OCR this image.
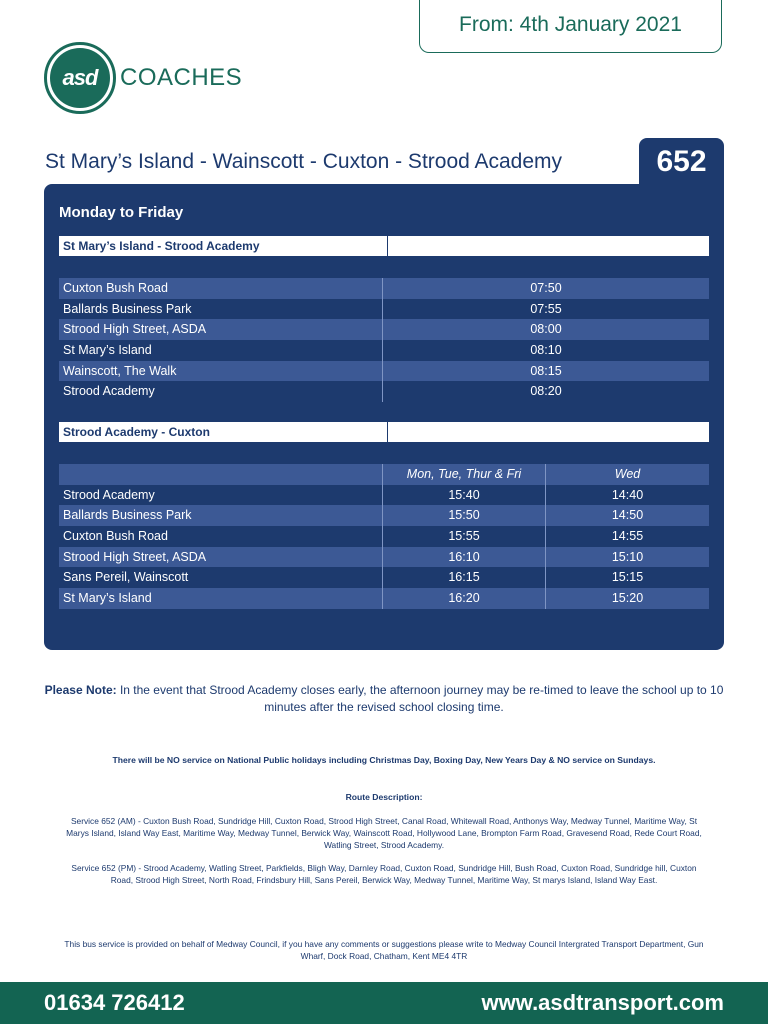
From: 4th January 2021
asd COACHES
St Mary’s Island - Wainscott - Cuxton - Strood Academy	652
Monday to Friday
St Mary’s Island - Strood Academy
Cuxton Bush Road	07:50
Ballards Business Park	07:55
Strood High Street, ASDA	08:00
St Mary’s Island	08:10
Wainscott, The Walk	08:15
Strood Academy	08:20
Strood Academy - Cuxton
Mon, Tue, Thur & Fri	Wed
Strood Academy	15:40	14:40
Ballards Business Park	15:50	14:50
Cuxton Bush Road	15:55	14:55
Strood High Street, ASDA	16:10	15:10
Sans Pereil, Wainscott	16:15	15:15
St Mary’s Island	16:20	15:20
Please Note: In the event that Strood Academy closes early, the afternoon journey may be re-timed to leave the school up to 10 minutes after the revised school closing time.
There will be NO service on National Public holidays including Christmas Day, Boxing Day, New Years Day & NO service on Sundays.
Route Description:
Service 652 (AM) - Cuxton Bush Road, Sundridge Hill, Cuxton Road, Strood High Street, Canal Road, Whitewall Road, Anthonys Way, Medway Tunnel, Maritime Way, St Marys Island, Island Way East, Maritime Way, Medway Tunnel, Berwick Way, Wainscott Road, Hollywood Lane, Brompton Farm Road, Gravesend Road, Rede Court Road, Watling Street, Strood Academy.
Service 652 (PM) - Strood Academy, Watling Street, Parkfields, Bligh Way, Darnley Road, Cuxton Road, Sundridge Hill, Bush Road, Cuxton Road, Sundridge hill, Cuxton Road, Strood High Street, North Road, Frindsbury Hill, Sans Pereil, Berwick Way, Medway Tunnel, Maritime Way, St marys Island, Island Way East.
This bus service is provided on behalf of Medway Council, if you have any comments or suggestions please write to Medway Council Intergrated Transport Department, Gun Wharf, Dock Road, Chatham, Kent ME4 4TR
01634 726412	www.asdtransport.com
